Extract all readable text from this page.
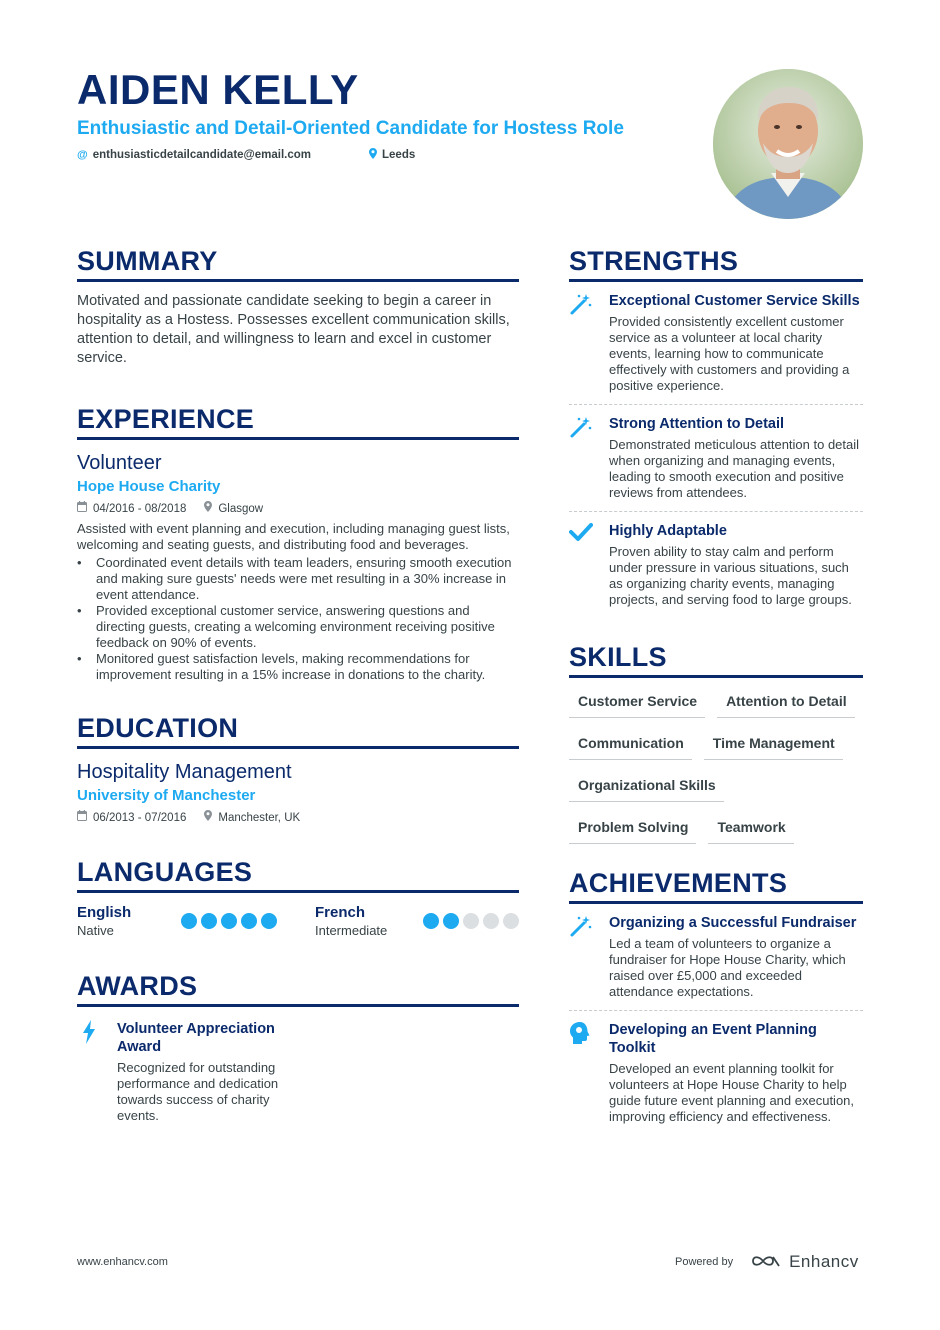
AIDEN KELLY
Enthusiastic and Detail-Oriented Candidate for Hostess Role
@ enthusiasticdetailcandidate@email.com	Leeds
SUMMARY
Motivated and passionate candidate seeking to begin a career in hospitality as a Hostess. Possesses excellent communication skills, attention to detail, and willingness to learn and excel in customer service.
EXPERIENCE
Volunteer
Hope House Charity
04/2016 - 08/2018	Glasgow
Assisted with event planning and execution, including managing guest lists, welcoming and seating guests, and distributing food and beverages.
• Coordinated event details with team leaders, ensuring smooth execution and making sure guests' needs were met resulting in a 30% increase in event attendance.
• Provided exceptional customer service, answering questions and directing guests, creating a welcoming environment receiving positive feedback on 90% of events.
• Monitored guest satisfaction levels, making recommendations for improvement resulting in a 15% increase in donations to the charity.
EDUCATION
Hospitality Management
University of Manchester
06/2013 - 07/2016	Manchester, UK
LANGUAGES
English
Native
French
Intermediate
AWARDS
Volunteer Appreciation Award
Recognized for outstanding performance and dedication towards success of charity events.
STRENGTHS
Exceptional Customer Service Skills
Provided consistently excellent customer service as a volunteer at local charity events, learning how to communicate effectively with customers and providing a positive experience.
Strong Attention to Detail
Demonstrated meticulous attention to detail when organizing and managing events, leading to smooth execution and positive reviews from attendees.
Highly Adaptable
Proven ability to stay calm and perform under pressure in various situations, such as organizing charity events, managing projects, and serving food to large groups.
SKILLS
Customer Service	Attention to Detail
Communication	Time Management
Organizational Skills
Problem Solving	Teamwork
ACHIEVEMENTS
Organizing a Successful Fundraiser
Led a team of volunteers to organize a fundraiser for Hope House Charity, which raised over £5,000 and exceeded attendance expectations.
Developing an Event Planning Toolkit
Developed an event planning toolkit for volunteers at Hope House Charity to help guide future event planning and execution, improving efficiency and effectiveness.
www.enhancv.com	Powered by	Enhancv
